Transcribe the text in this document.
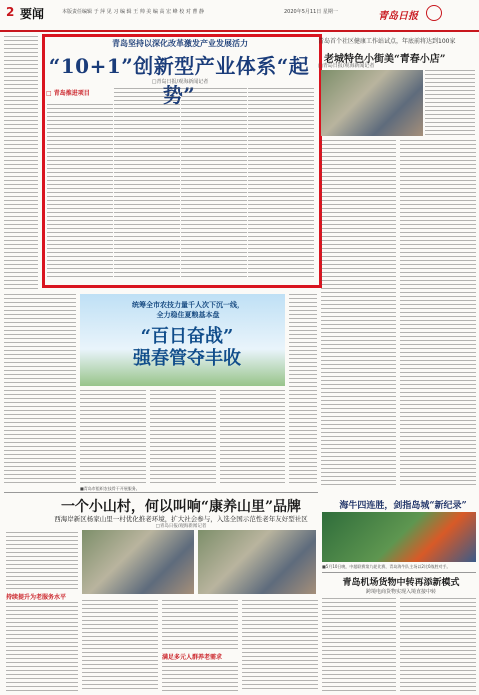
2 要闻	本版责任编辑 于 萍 见 习 编 辑 王 帅 美 编 高 宏 峰 校 对 曹 静	2020年5月11日 星期一	青岛日报
青岛坚持以深化改革激发产业发展活力
“10+1”创新型产业体系“起势”
□青岛日报/观海新闻记者
□ 青岛推进项目
青岛首个社区健康工作站试点，年底前将达到100家
老城特色小街美“青春小店”
□青岛日报/观海新闻记者
统筹全市农技力量千人次下沉一线，
全力稳住夏粮基本盘
“百日奋战”
强春管夺丰收
■青岛市组织农技骨干开展服务。
一个小山村，何以叫响“康养山里”品牌
西海岸新区杨家山里一村优化推老环境，扩大社会参与，入选全国示范性老年友好型社区
□青岛日报/观海新闻记者
持续提升为老服务水平
满足多元人群养老需求
海牛四连胜，剑指岛城“新纪录”
■5月10日晚，中超联赛第九轮比赛，青岛海牛队主场以2比0战胜对手。
青岛机场货物中转再添新模式
跨境电商货物实现入境直接中转
